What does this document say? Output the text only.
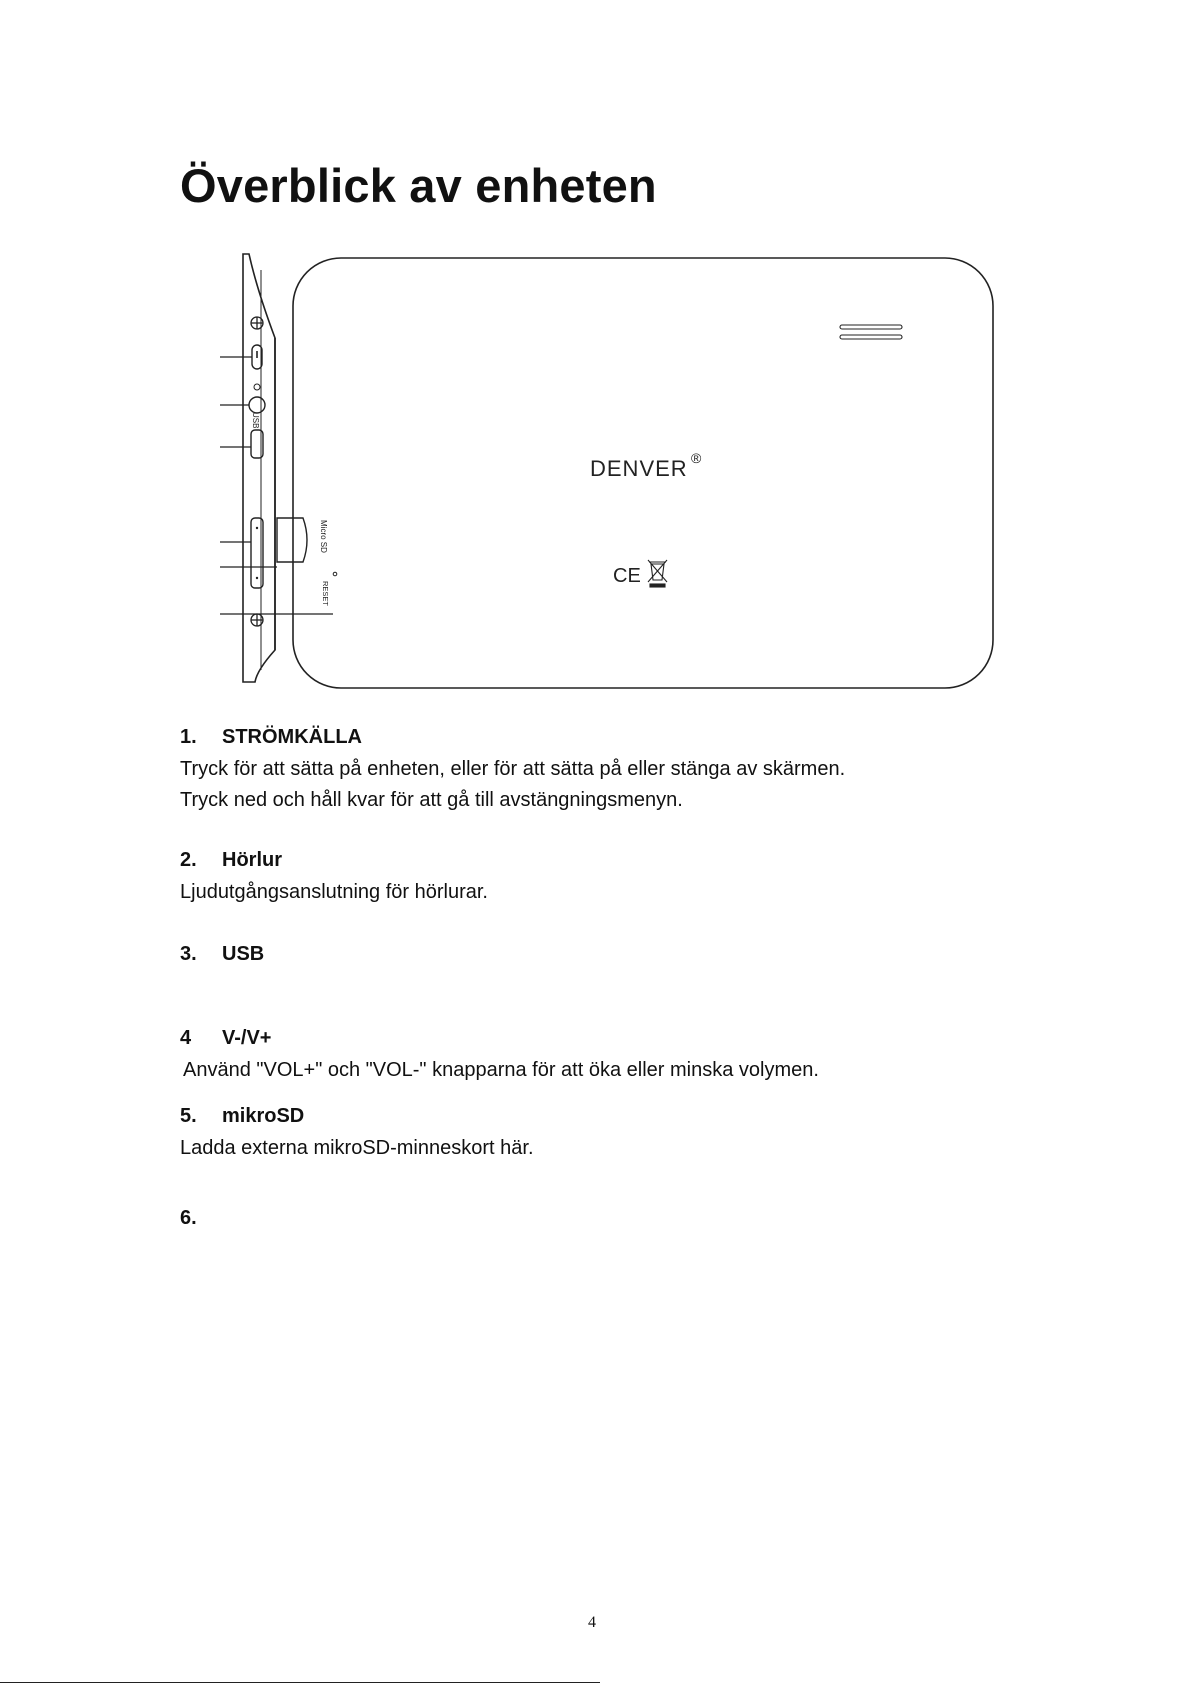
Överblick av enheten
USB
Micro SD
RESET
DENVER ®
CE
1.	STRÖMKÄLLA

Tryck för att sätta på enheten, eller för att sätta på eller stänga av skärmen.

Tryck ned och håll kvar för att gå till avstängningsmenyn.

2.	Hörlur

Ljudutgångsanslutning för hörlurar.

3.	USB
4	V-/V+

Använd "VOL+" och "VOL-" knapparna för att öka eller minska volymen.

5.	mikroSD

Ladda externa mikroSD-minneskort här.

6.
4
